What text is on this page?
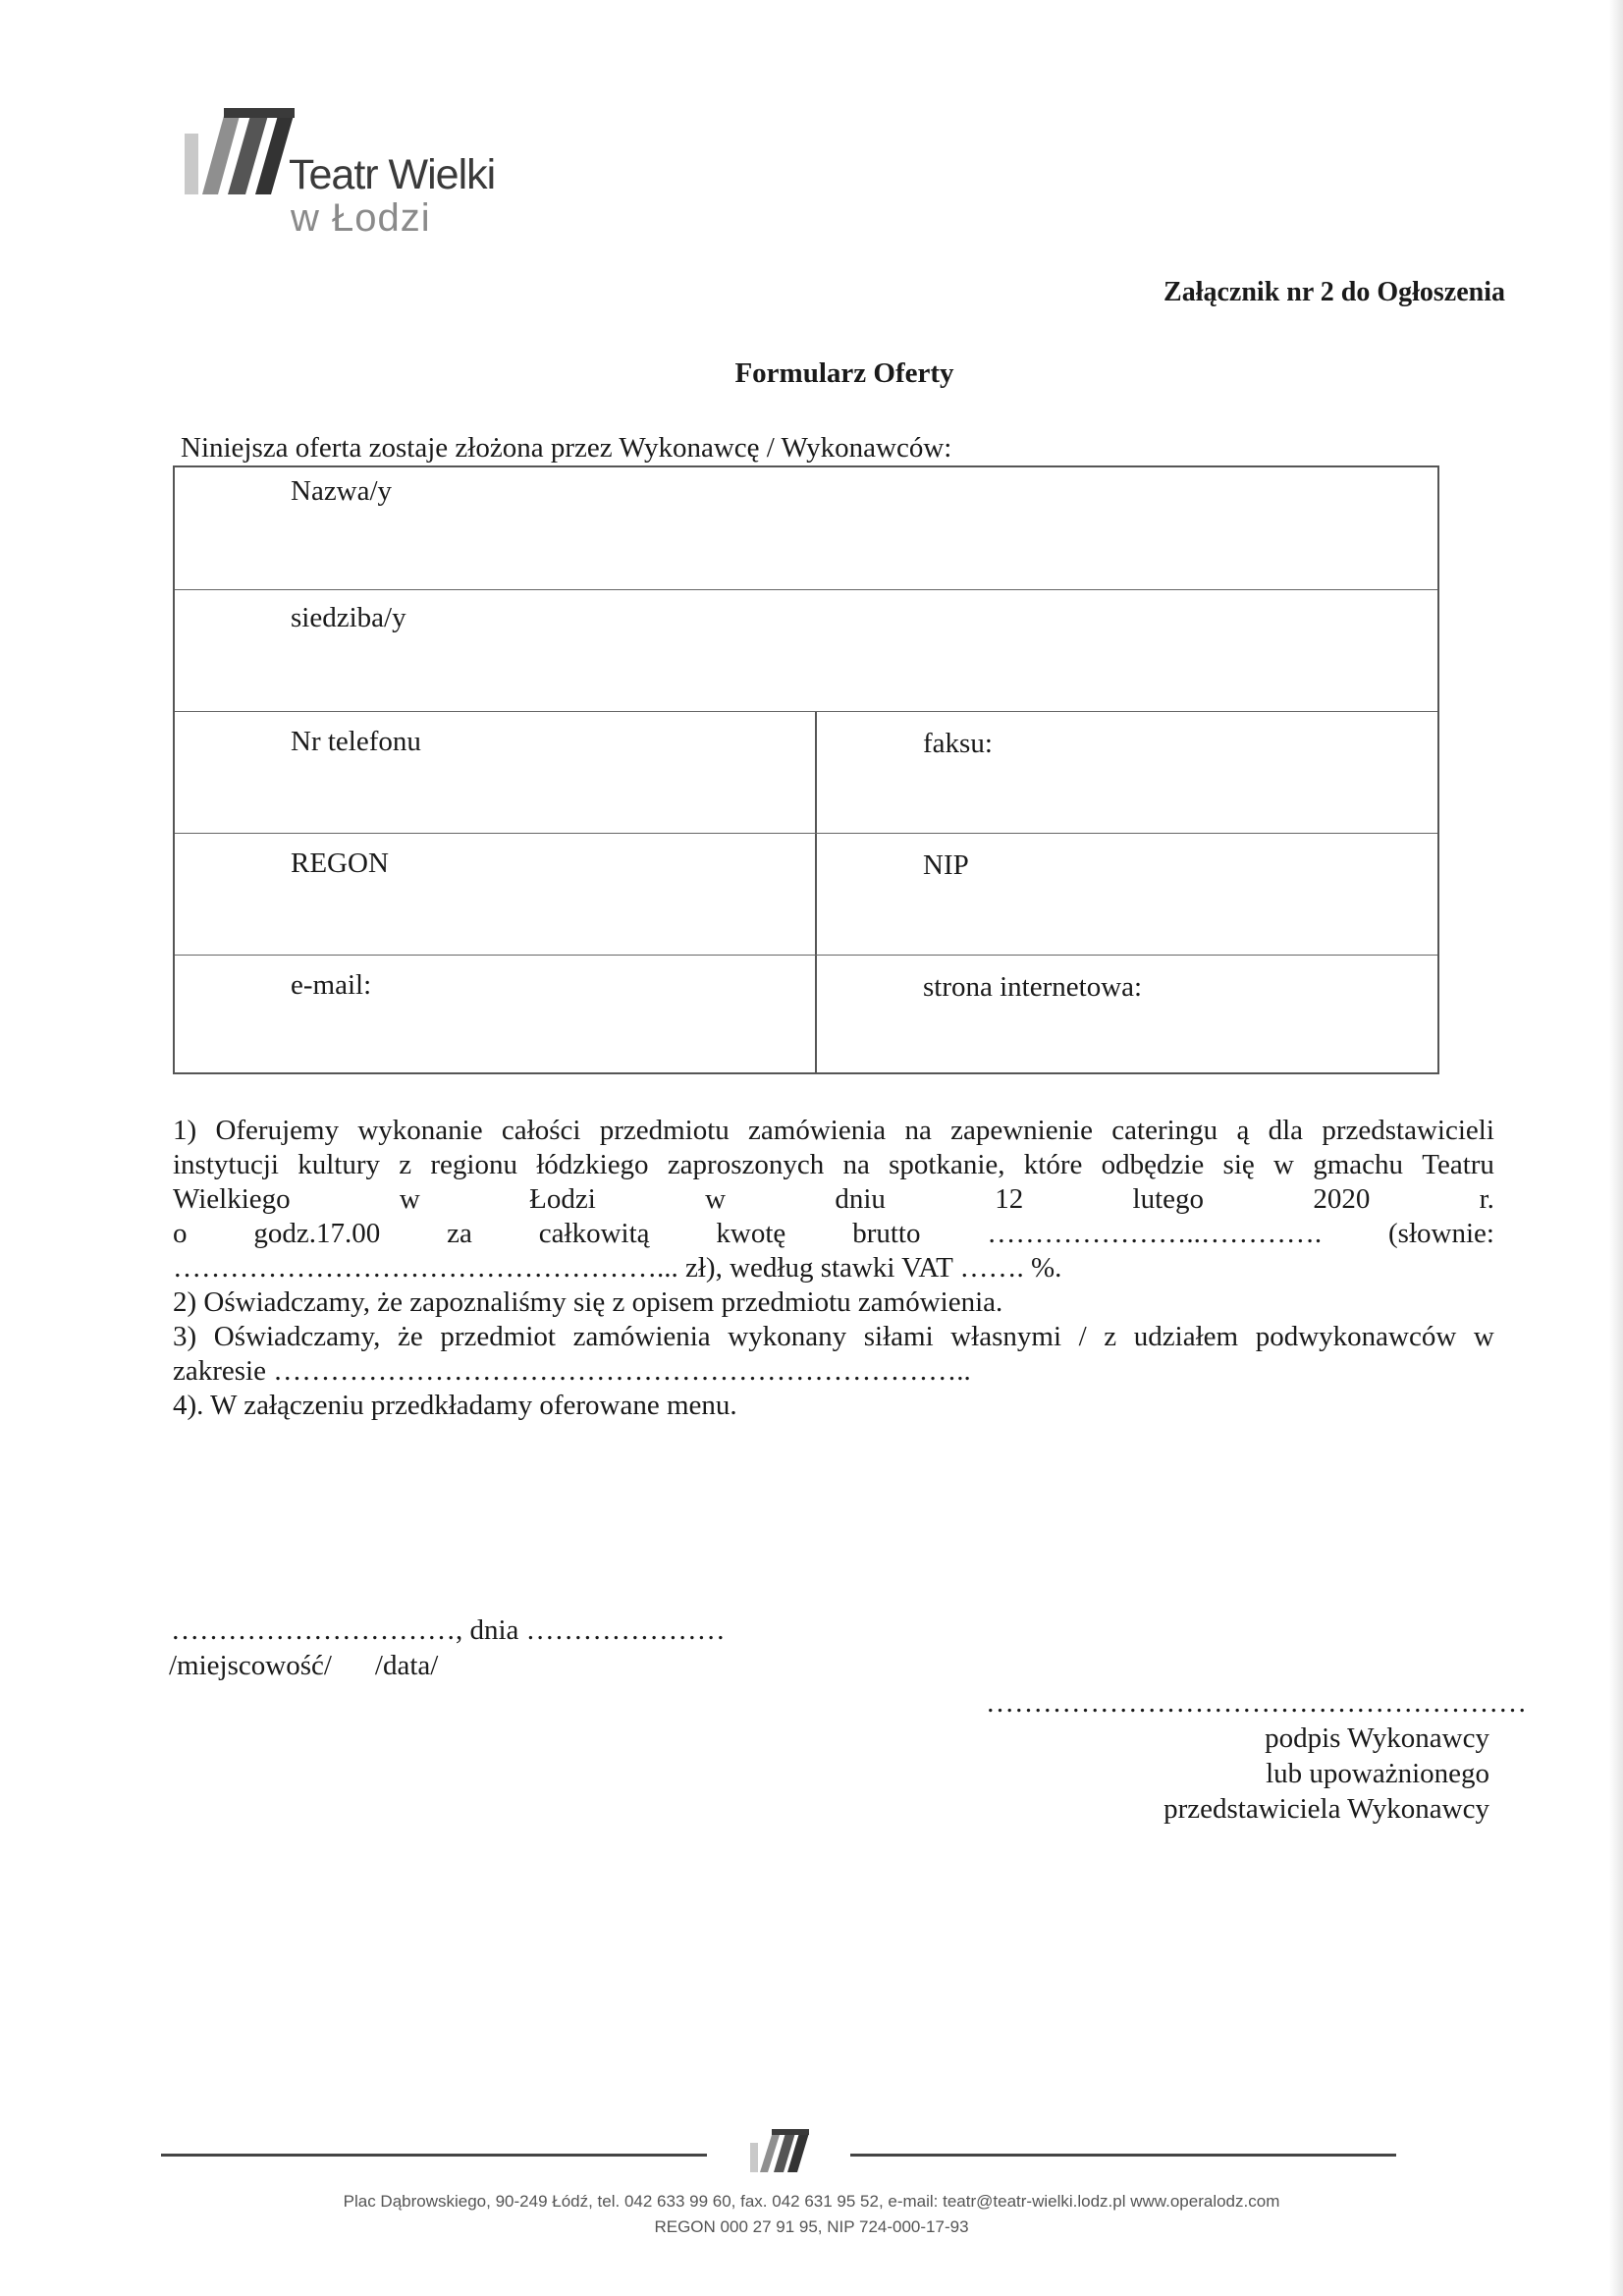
Teatr Wielki
w Łodzi
Załącznik nr 2 do Ogłoszenia
Formularz Oferty
Niniejsza oferta zostaje złożona przez Wykonawcę / Wykonawców:
Nazwa/y
siedziba/y
Nr telefonu	faksu:
REGON	NIP
e-mail:	strona internetowa:
1) Oferujemy wykonanie całości przedmiotu zamówienia na zapewnienie cateringu ą dla przedstawicieli
instytucji kultury z regionu łódzkiego zaproszonych na spotkanie, które odbędzie się w gmachu Teatru
Wielkiego	w	Łodzi	w	dniu	12	lutego	2020	r.
o godz.17.00 za całkowitą kwotę brutto …………………..…………. (słownie:
……………………………………………... zł), według stawki VAT ……. %.
2) Oświadczamy, że zapoznaliśmy się z opisem przedmiotu zamówienia.
3) Oświadczamy, że przedmiot zamówienia wykonany siłami własnymi / z udziałem podwykonawców w
zakresie ………………………………………………………………..
4). W załączeniu przedkładamy oferowane menu.
…………………………, dnia …………………
/miejscowość/ /data/
…………………………………………………
podpis Wykonawcy
lub upoważnionego
przedstawiciela Wykonawcy
Plac Dąbrowskiego, 90-249 Łódź, tel. 042 633 99 60, fax. 042 631 95 52, e-mail: teatr@teatr-wielki.lodz.pl www.operalodz.com
REGON 000 27 91 95, NIP 724-000-17-93
